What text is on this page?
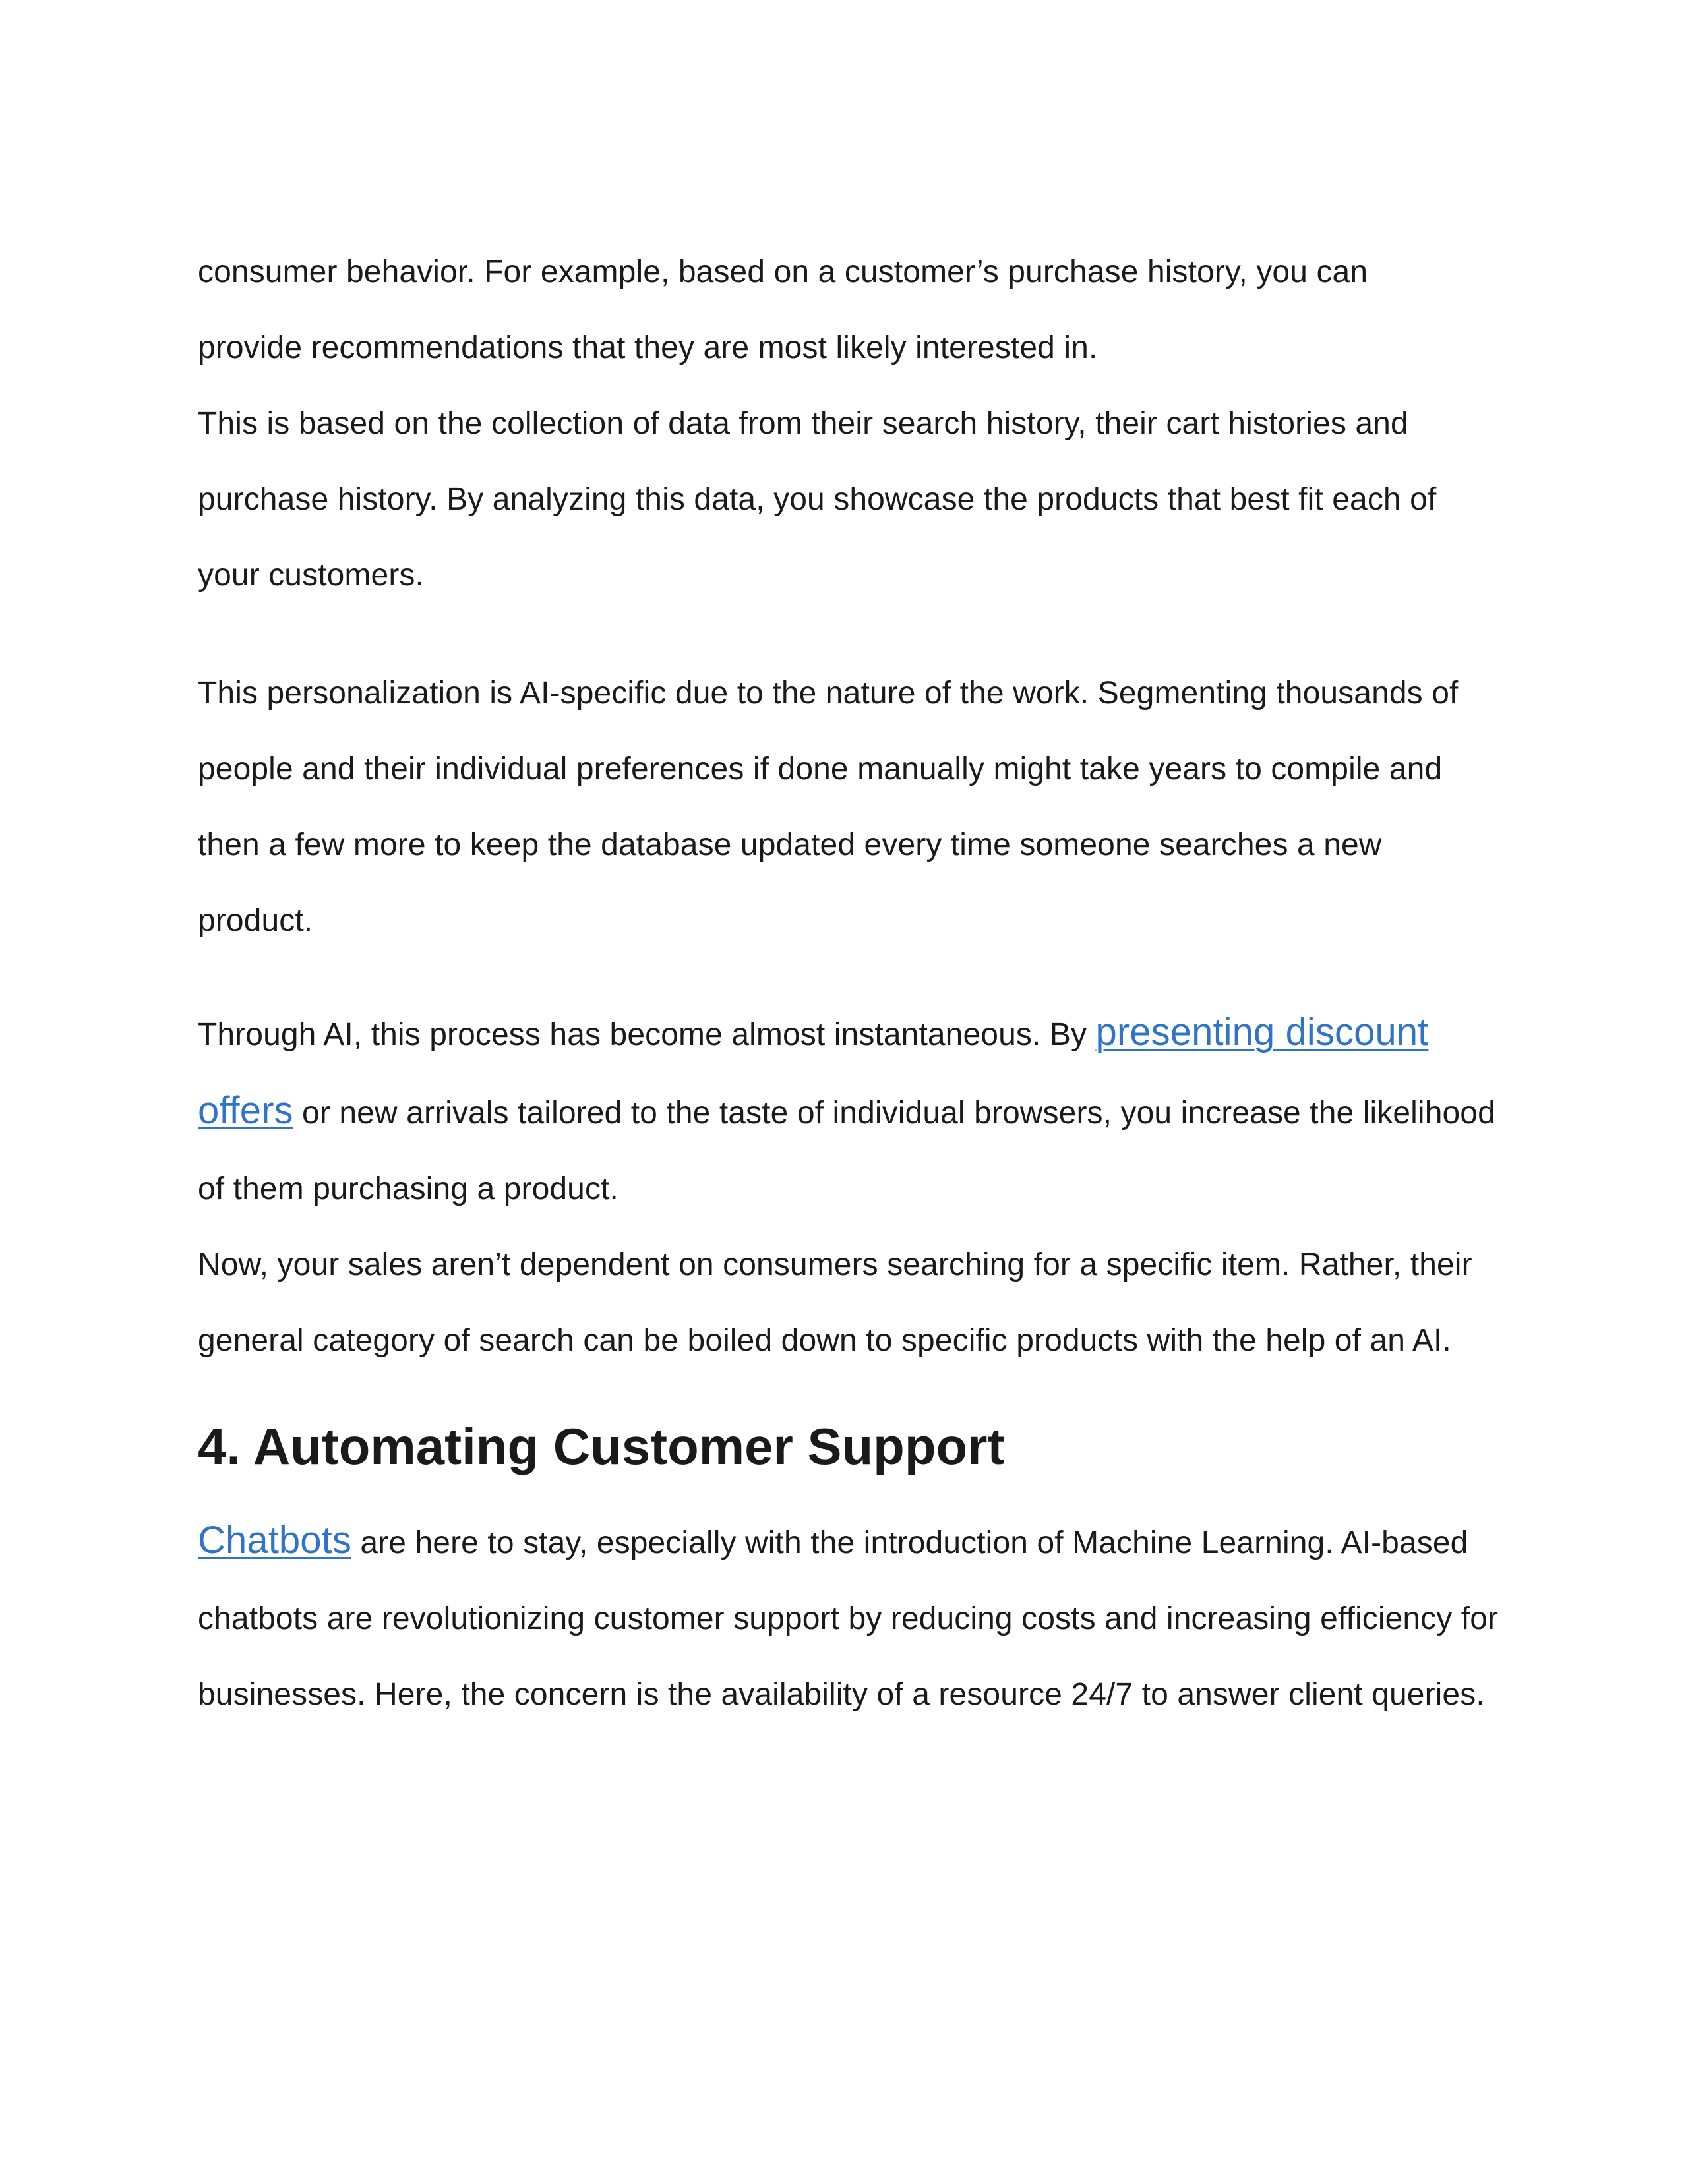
consumer behavior. For example, based on a customer’s purchase history, you can
provide recommendations that they are most likely interested in.

This is based on the collection of data from their search history, their cart histories and purchase history. By analyzing this data, you showcase the products that best fit each of your customers.

This personalization is AI-specific due to the nature of the work. Segmenting thousands of people and their individual preferences if done manually might take years to compile and then a few more to keep the database updated every time someone searches a new product.

Through AI, this process has become almost instantaneous. By presenting discount offers or new arrivals tailored to the taste of individual browsers, you increase the likelihood of them purchasing a product.

Now, your sales aren’t dependent on consumers searching for a specific item. Rather, their general category of search can be boiled down to specific products with the help of an AI.

4. Automating Customer Support

Chatbots are here to stay, especially with the introduction of Machine Learning. AI-based chatbots are revolutionizing customer support by reducing costs and increasing efficiency for businesses. Here, the concern is the availability of a resource 24/7 to answer client queries.
